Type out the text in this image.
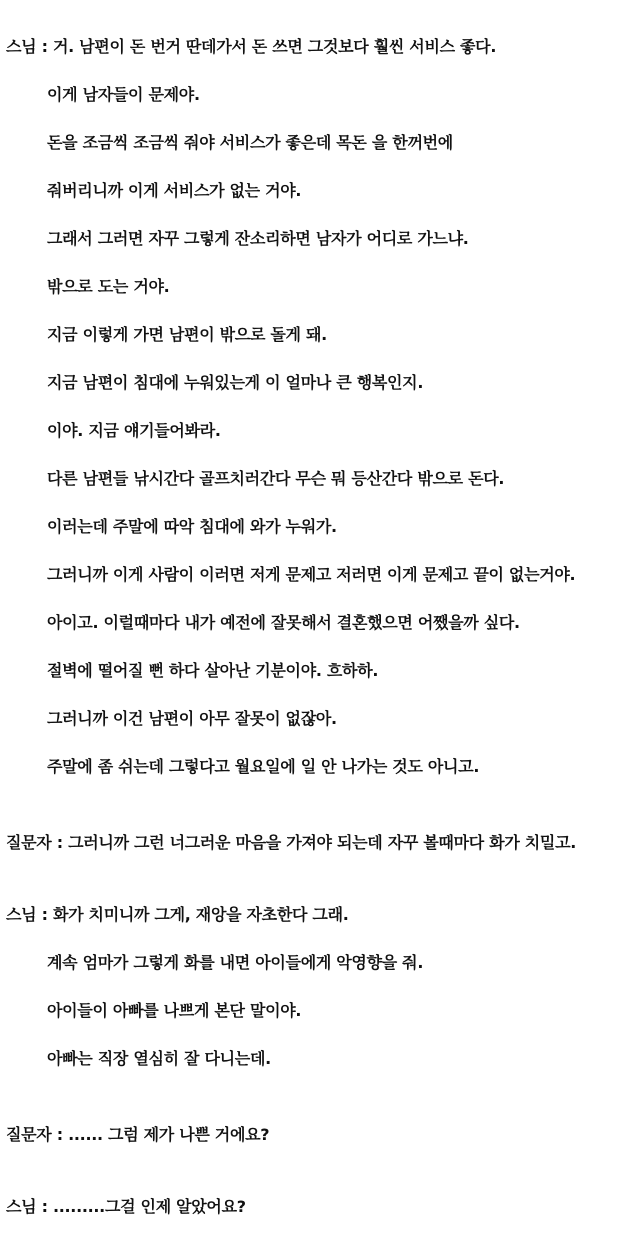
스님 : 거. 남편이 돈 번거 딴데가서 돈 쓰면 그것보다 훨씬 서비스 좋다.
이게 남자들이 문제야.
돈을 조금씩 조금씩 줘야 서비스가 좋은데 목돈 을 한꺼번에
줘버리니까 이게 서비스가 없는 거야.
그래서 그러면 자꾸 그렇게 잔소리하면 남자가 어디로 가느냐.
밖으로 도는 거야.
지금 이렇게 가면 남편이 밖으로 돌게 돼.
지금 남편이 침대에 누워있는게 이 얼마나 큰 행복인지.
이야. 지금 얘기들어봐라.
다른 남편들 낚시간다 골프치러간다 무슨 뭐 등산간다 밖으로 돈다.
이러는데 주말에 따악 침대에 와가 누워가.
그러니까 이게 사람이 이러면 저게 문제고 저러면 이게 문제고 끝이 없는거야.
아이고. 이럴때마다 내가 예전에 잘못해서 결혼했으면 어쨌을까 싶다.
절벽에 떨어질 뻔 하다 살아난 기분이야. 흐하하.
그러니까 이건 남편이 아무 잘못이 없잖아.
주말에 좀 쉬는데 그렇다고 월요일에 일 안 나가는 것도 아니고.
질문자 : 그러니까 그런 너그러운 마음을 가져야 되는데 자꾸 볼때마다 화가 치밀고.
스님 : 화가 치미니까 그게, 재앙을 자초한다 그래.
계속 엄마가 그렇게 화를 내면 아이들에게 악영향을 줘.
아이들이 아빠를 나쁘게 본단 말이야.
아빠는 직장 열심히 잘 다니는데.
질문자 : ...... 그럼 제가 나쁜 거에요?
스님 : .........그걸 인제 알았어요?
